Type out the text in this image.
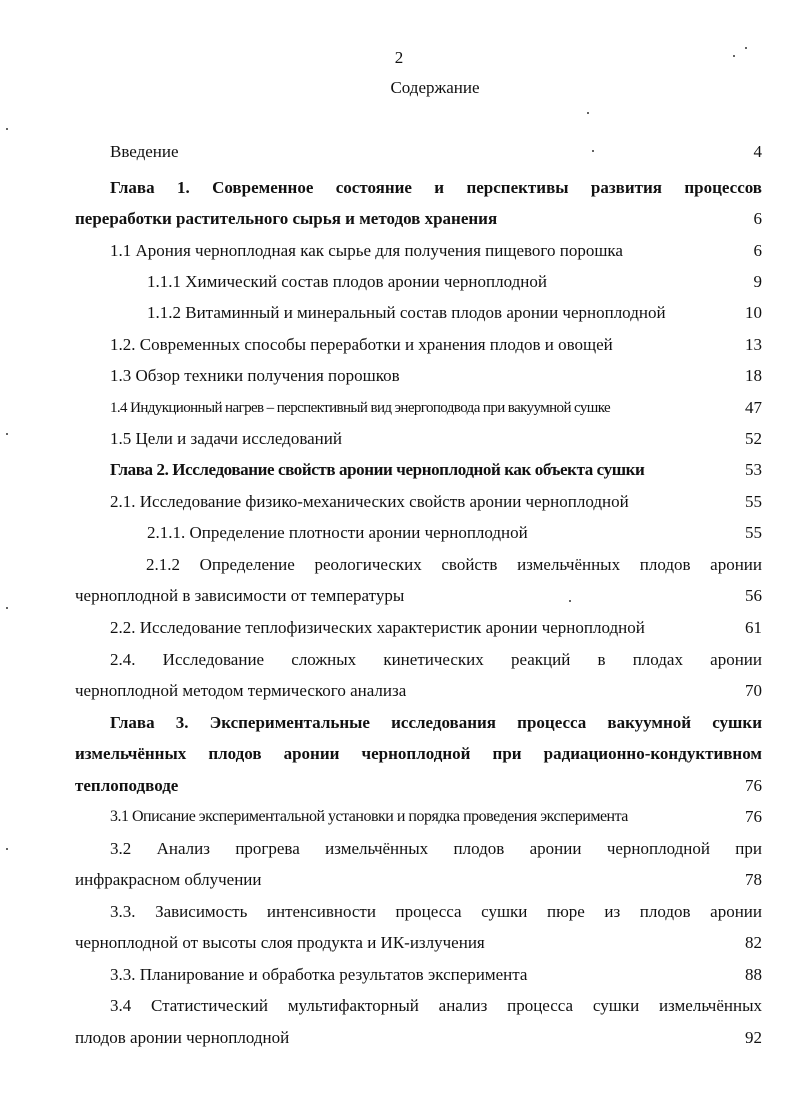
2
Содержание
Введение	4
Глава 1. Современное состояние и перспективы развития процессов
переработки растительного сырья и методов хранения	6
1.1 Арония черноплодная как сырье для получения пищевого порошка	6
1.1.1 Химический состав плодов аронии черноплодной	9
1.1.2 Витаминный и минеральный состав плодов аронии черноплодной	10
1.2. Современных способы переработки и хранения плодов и овощей	13
1.3 Обзор техники получения порошков	18
1.4 Индукционный нагрев – перспективный вид энергоподвода при вакуумной сушке	47
1.5 Цели и задачи исследований	52
Глава 2. Исследование свойств аронии черноплодной как объекта сушки	53
2.1. Исследование физико-механических свойств аронии черноплодной	55
2.1.1. Определение плотности аронии черноплодной	55
2.1.2 Определение реологических свойств измельчённых плодов аронии
черноплодной в зависимости от температуры	56
2.2. Исследование теплофизических характеристик аронии черноплодной	61
2.4. Исследование сложных кинетических реакций в плодах аронии
черноплодной методом термического анализа	70
Глава 3. Экспериментальные исследования процесса вакуумной сушки
измельчённых плодов аронии черноплодной при радиационно-кондуктивном
теплоподводе	76
3.1 Описание экспериментальной установки и порядка проведения эксперимента	76
3.2 Анализ прогрева измельчённых плодов аронии черноплодной при
инфракрасном облучении	78
3.3. Зависимость интенсивности процесса сушки пюре из плодов аронии
черноплодной от высоты слоя продукта и ИК-излучения	82
3.3. Планирование и обработка результатов эксперимента	88
3.4 Статистический мультифакторный анализ процесса сушки измельчённых
плодов аронии черноплодной	92
